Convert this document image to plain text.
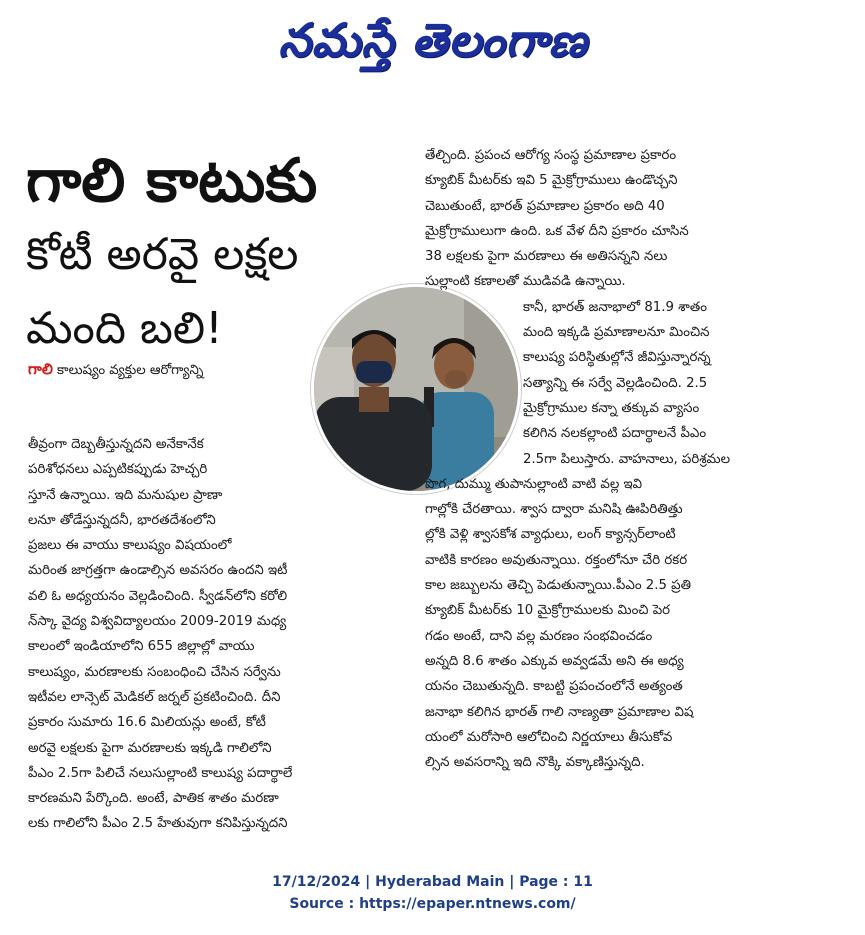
నమస్తే తెలంగాణ
గాలి కాటుకు
కోటీ అరవై లక్షల
మంది బలి!
గాలి కాలుష్యం వ్యక్తుల ఆరోగ్యాన్ని
తీవ్రంగా దెబ్బతీస్తున్నదని అనేకానేక
పరిశోధనలు ఎప్పటికప్పుడు హెచ్చరి
స్తూనే ఉన్నాయి. ఇది మనుషుల ప్రాణా
లనూ తోడేస్తున్నదనీ, భారతదేశంలోని
ప్రజలు ఈ వాయు కాలుష్యం విషయంలో
మరింత జాగ్రత్తగా ఉండాల్సిన అవసరం ఉందని ఇటీ
వలి ఓ అధ్యయనం వెల్లడించింది. స్వీడన్‌లోని కరోలి
న్‌స్కా వైద్య విశ్వవిద్యాలయం 2009-2019 మధ్య
కాలంలో ఇండియాలోని 655 జిల్లాల్లో వాయు
కాలుష్యం, మరణాలకు సంబంధించి చేసిన సర్వేను
ఇటీవల లాన్సెట్ మెడికల్ జర్నల్ ప్రకటించింది. దీని
ప్రకారం సుమారు 16.6 మిలియన్లు అంటే, కోటీ
అరవై లక్షలకు పైగా మరణాలకు ఇక్కడి గాలిలోని
పీఎం 2.5గా పిలిచే నలుసుల్లాంటి కాలుష్య పదార్థాలే
కారణమని పేర్కొంది. అంటే, పాతిక శాతం మరణా
లకు గాలిలోని పీఎం 2.5 హేతువుగా కనిపిస్తున్నదని
తేల్చింది. ప్రపంచ ఆరోగ్య సంస్థ ప్రమాణాల ప్రకారం
క్యూబిక్ మీటర్‌కు ఇవి 5 మైక్రోగ్రాములు ఉండొచ్చని
చెబుతుంటే, భారత్ ప్రమాణాల ప్రకారం అది 40
మైక్రోగ్రాములుగా ఉంది. ఒక వేళ దీని ప్రకారం చూసిన
38 లక్షలకు పైగా మరణాలు ఈ అతిసన్నని నలు
సుల్లాంటి కణాలతో ముడివడి ఉన్నాయి.
కానీ, భారత్ జనాభాలో 81.9 శాతం
మంది ఇక్కడి ప్రమాణాలనూ మించిన
కాలుష్య పరిస్థితుల్లోనే జీవిస్తున్నారన్న
సత్యాన్ని ఈ సర్వే వెల్లడించింది. 2.5
మైక్రోగ్రాముల కన్నా తక్కువ వ్యాసం
కలిగిన నలకల్లాంటి పదార్థాలనే పీఎం
2.5గా పిలుస్తారు. వాహనాలు, పరిశ్రమల
పొగ, దుమ్ము తుపానుల్లాంటి వాటి వల్ల ఇవి
గాల్లోకి చేరతాయి. శ్వాస ద్వారా మనిషి ఊపిరితిత్తు
ల్లోకి వెళ్లి శ్వాసకోశ వ్యాధులు, లంగ్ క్యాన్సర్‌లాంటి
వాటికి కారణం అవుతున్నాయి. రక్తంలోనూ చేరి రకర
కాల జబ్బులను తెచ్చి పెడుతున్నాయి.పీఎం 2.5 ప్రతి
క్యూబిక్ మీటర్‌కు 10 మైక్రోగ్రాములకు మించి పెర
గడం అంటే, దాని వల్ల మరణం సంభవించడం
అన్నది 8.6 శాతం ఎక్కువ అవ్వడమే అని ఈ అధ్య
యనం చెబుతున్నది. కాబట్టి ప్రపంచంలోనే అత్యంత
జనాభా కలిగిన భారత్ గాలి నాణ్యతా ప్రమాణాల విష
యంలో మరోసారి ఆలోచించి నిర్ణయాలు తీసుకోవ
ల్సిన అవసరాన్ని ఇది నొక్కి వక్కాణిస్తున్నది.
17/12/2024 | Hyderabad Main | Page : 11
Source : https://epaper.ntnews.com/
